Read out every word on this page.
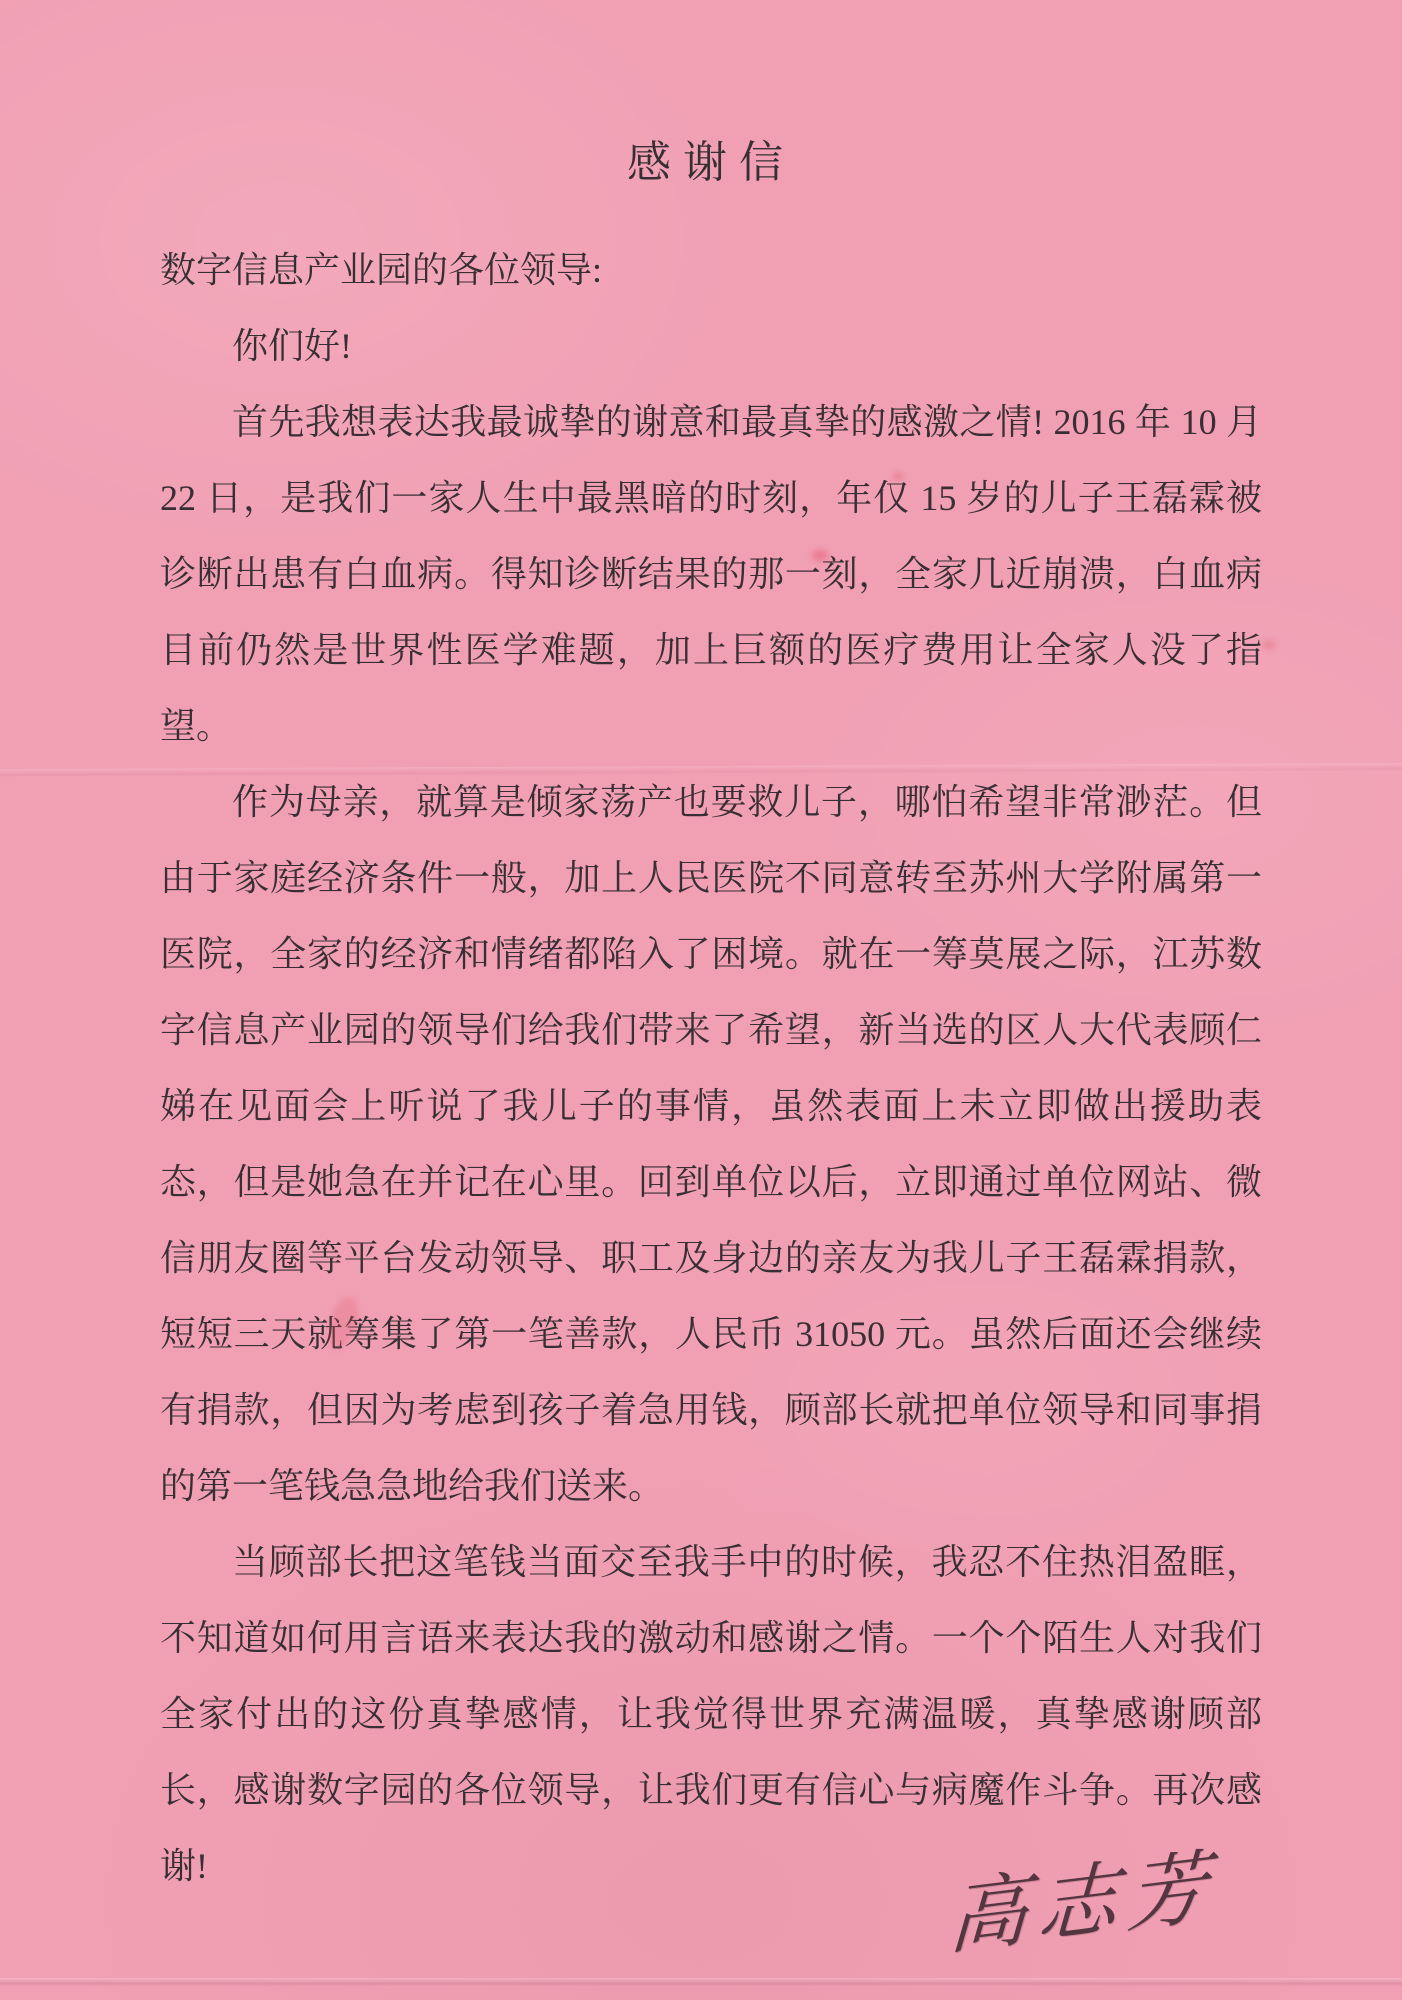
感谢信

数字信息产业园的各位领导:

你们好!

首先我想表达我最诚挚的谢意和最真挚的感激之情! 2016 年 10 月 22 日，是我们一家人生中最黑暗的时刻，年仅 15 岁的儿子王磊霖被诊断出患有白血病。得知诊断结果的那一刻，全家几近崩溃，白血病目前仍然是世界性医学难题，加上巨额的医疗费用让全家人没了指望。

作为母亲，就算是倾家荡产也要救儿子，哪怕希望非常渺茫。但由于家庭经济条件一般，加上人民医院不同意转至苏州大学附属第一医院，全家的经济和情绪都陷入了困境。就在一筹莫展之际，江苏数字信息产业园的领导们给我们带来了希望，新当选的区人大代表顾仁娣在见面会上听说了我儿子的事情，虽然表面上未立即做出援助表态，但是她急在并记在心里。回到单位以后，立即通过单位网站、微信朋友圈等平台发动领导、职工及身边的亲友为我儿子王磊霖捐款，短短三天就筹集了第一笔善款，人民币 31050 元。虽然后面还会继续有捐款，但因为考虑到孩子着急用钱，顾部长就把单位领导和同事捐的第一笔钱急急地给我们送来。

当顾部长把这笔钱当面交至我手中的时候，我忍不住热泪盈眶，不知道如何用言语来表达我的激动和感谢之情。一个个陌生人对我们全家付出的这份真挚感情，让我觉得世界充满温暖，真挚感谢顾部长，感谢数字园的各位领导，让我们更有信心与病魔作斗争。再次感谢!	高志芳
